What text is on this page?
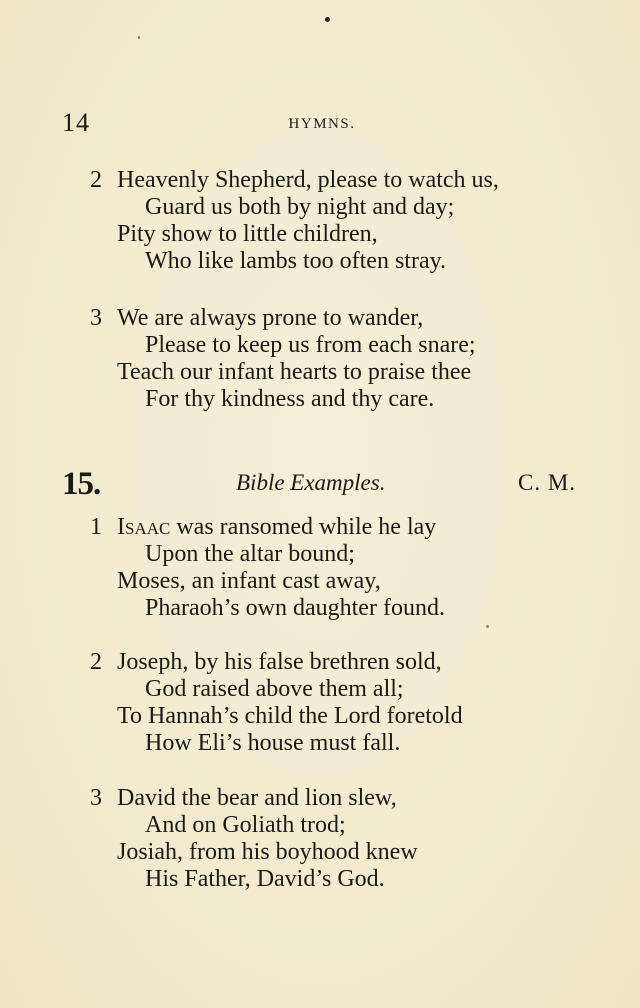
14	HYMNS.
2 Heavenly Shepherd, please to watch us,
Guard us both by night and day;
Pity show to little children,
Who like lambs too often stray.
3 We are always prone to wander,
Please to keep us from each snare;
Teach our infant hearts to praise thee
For thy kindness and thy care.
15.	Bible Examples.	C. M.
1 Isaac was ransomed while he lay
Upon the altar bound;
Moses, an infant cast away,
Pharaoh’s own daughter found.
2 Joseph, by his false brethren sold,
God raised above them all;
To Hannah’s child the Lord foretold
How Eli’s house must fall.
3 David the bear and lion slew,
And on Goliath trod;
Josiah, from his boyhood knew
His Father, David’s God.
